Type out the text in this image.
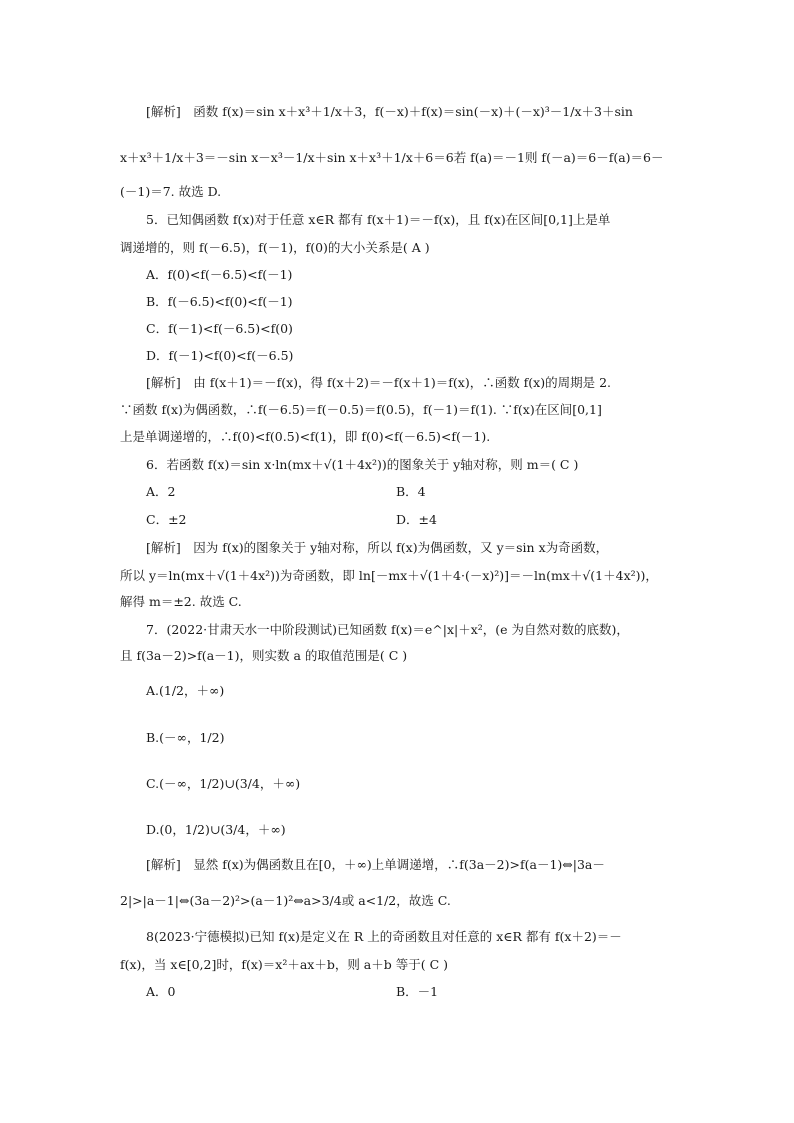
[解析]　函数 f(x)＝sin x＋x³＋1/x＋3，f(－x)＋f(x)＝sin(－x)＋(－x)³－1/x＋3＋sin
x＋x³＋1/x＋3＝－sin x－x³－1/x＋sin x＋x³＋1/x＋6＝6若 f(a)＝－1则 f(－a)＝6－f(a)＝6－
(－1)＝7. 故选 D.
5．已知偶函数 f(x)对于任意 x∈R 都有 f(x＋1)＝－f(x)，且 f(x)在区间[0,1]上是单
调递增的，则 f(－6.5)，f(－1)，f(0)的大小关系是( A )
A．f(0)<f(－6.5)<f(－1)
B．f(－6.5)<f(0)<f(－1)
C．f(－1)<f(－6.5)<f(0)
D．f(－1)<f(0)<f(－6.5)
[解析]　由 f(x＋1)＝－f(x)，得 f(x＋2)＝－f(x＋1)＝f(x)，∴函数 f(x)的周期是 2.
∵函数 f(x)为偶函数，∴f(－6.5)＝f(－0.5)＝f(0.5)，f(－1)＝f(1). ∵f(x)在区间[0,1]
上是单调递增的，∴f(0)<f(0.5)<f(1)，即 f(0)<f(－6.5)<f(－1).
6．若函数 f(x)＝sin x·ln(mx＋√(1＋4x²))的图象关于 y轴对称，则 m＝( C )
A．2	B．4
C．±2	D．±4
[解析]　因为 f(x)的图象关于 y轴对称，所以 f(x)为偶函数，又 y＝sin x为奇函数，
所以 y＝ln(mx＋√(1＋4x²))为奇函数，即 ln[－mx＋√(1＋4·(－x)²)]＝－ln(mx＋√(1＋4x²))，
解得 m＝±2. 故选 C.
7．(2022·甘肃天水一中阶段测试)已知函数 f(x)＝e^|x|＋x²，(e 为自然对数的底数)，
且 f(3a－2)>f(a－1)，则实数 a 的取值范围是( C )
A.(1/2，＋∞)
B.(－∞，1/2)
C.(－∞，1/2)∪(3/4，＋∞)
D.(0，1/2)∪(3/4，＋∞)
[解析]　显然 f(x)为偶函数且在[0，＋∞)上单调递增，∴f(3a－2)>f(a－1)⇔|3a－
2|>|a－1|⇔(3a－2)²>(a－1)²⇔a>3/4或 a<1/2，故选 C.
8(2023·宁德模拟)已知 f(x)是定义在 R 上的奇函数且对任意的 x∈R 都有 f(x＋2)＝－
f(x)，当 x∈[0,2]时，f(x)＝x²＋ax＋b，则 a＋b 等于( C )
A．0	B．－1
